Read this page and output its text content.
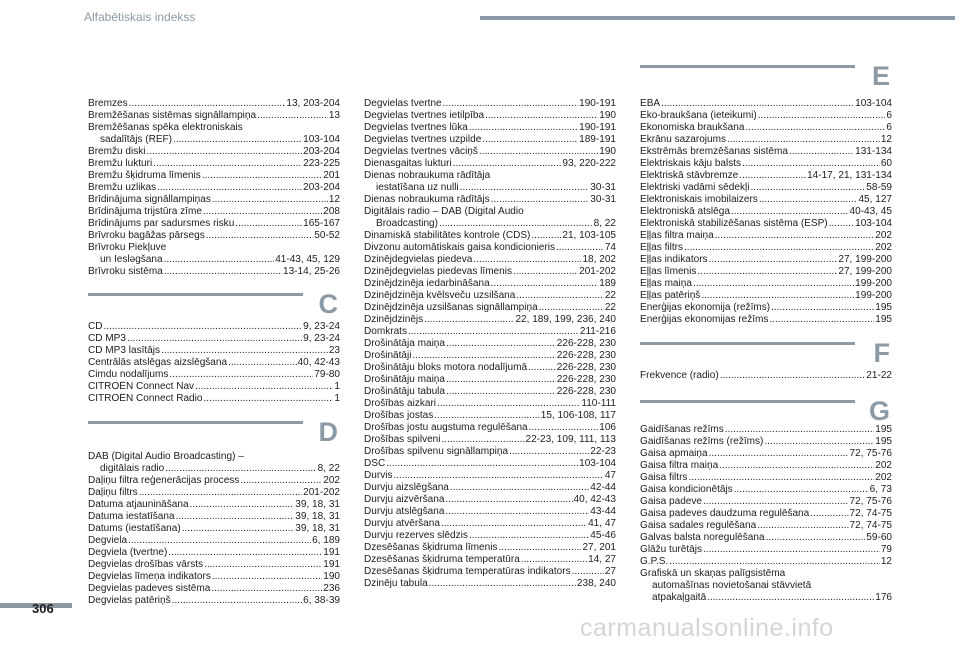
Alfabētiskais indekss
Bremzes .....	13, 203-204
Bremžēšanas sistēmas signāllampiņa .....	13
Bremžēšanas spēka elektroniskais
sadalītājs (REF) .....	103-104
Bremžu diski .....	203-204
Bremžu lukturi .....	223-225
Bremžu šķidruma līmenis .....	201
Bremžu uzlikas .....	203-204
Brīdinājuma signāllampiņas .....	12
Brīdinājuma trijstūra zīme .....	208
Brīdinājums par sadursmes risku .....	165-167
Brīvroku bagāžas pārsegs .....	50-52
Brīvroku Piekļuve
un Iesləgšana .....	41-43, 45, 129
Brīvroku sistēma .....	13-14, 25-26
C
CD .....	9, 23-24
CD MP3 .....	9, 23-24
CD MP3 lasītājs .....	23
Centrālās atslēgas aizslēgšana .....	40, 42-43
Cimdu nodalījums .....	79-80
CITROËN Connect Nav .....	1
CITROËN Connect Radio .....	1
D
DAB (Digital Audio Broadcasting) –
digitālais radio .....	8, 22
Daļiņu filtra reģenerācijas process .....	202
Daļiņu filtrs .....	201-202
Datuma atjaunināšana .....	39, 18, 31
Datuma iestatīšana .....	39, 18, 31
Datums (iestatīšana) .....	39, 18, 31
Degviela .....	6, 189
Degviela (tvertne) .....	191
Degvielas drošības vārsts .....	191
Degvielas līmeņa indikators .....	190
Degvielas padeves sistēma .....	236
Degvielas patēriņš .....	6, 38-39
Degvielas tvertne .....	190-191
Degvielas tvertnes ietilpība .....	190
Degvielas tvertnes lūka .....	190-191
Degvielas tvertnes uzpilde .....	189-191
Degvielas tvertnes vāciņš .....	190
Dienasgaitas lukturi .....	93, 220-222
Dienas nobraukuma rādītāja
iestatīšana uz nulli .....	30-31
Dienas nobraukuma rādītājs .....	30-31
Digitālais radio – DAB (Digital Audio
Broadcasting) .....	8, 22
Dinamiskā stabilitātes kontrole (CDS) .....	21, 103-105
Divzonu automātiskais gaisa kondicionieris .....	74
Dzinējdegvielas piedeva .....	18, 202
Dzinējdegvielas piedevas līmenis .....	201-202
Dzinējdzinēja iedarbināšana .....	189
Dzinējdzinēja kvēlsveču uzsilšana .....	22
Dzinējdzinēja uzsilšanas signāllampiņa .....	22
Dzinējdzinējs .....	22, 189, 199, 236, 240
Domkrats .....	211-216
Drošinātāja maiņa .....	226-228, 230
Drošinātāji .....	226-228, 230
Drošinātāju bloks motora nodalījumā .....	226-228, 230
Drošinātāju maiņa .....	226-228, 230
Drošinātāju tabula .....	226-228, 230
Drošības aizkari .....	110-111
Drošības jostas .....	15, 106-108, 117
Drošības jostu augstuma regulēšana .....	106
Drošības spilveni .....	22-23, 109, 111, 113
Drošības spilvenu signāllampiņa .....	22-23
DSC .....	103-104
Durvis .....	47
Durvju aizslēgšana .....	42-44
Durvju aizvēršana .....	40, 42-43
Durvju atslēgšana .....	43-44
Durvju atvēršana .....	41, 47
Durvju rezerves slēdzis .....	45-46
Dzesēšanas šķidruma līmenis .....	27, 201
Dzesēšanas šķidruma temperatūra .....	14, 27
Dzesēšanas šķidruma temperatūras indikators .....	27
Dzinēju tabula .....	238, 240
E
EBA .....	103-104
Eko-braukšana (ieteikumi) .....	6
Ekonomiska braukšana .....	6
Ekrānu sazarojums .....	12
Ekstrēmās bremzēšanas sistēma .....	131-134
Elektriskais kāju balsts .....	60
Elektriskā stāvbremze .....	14-17, 21, 131-134
Elektriski vadāmi sēdekļi .....	58-59
Elektroniskais imobilaizers .....	45, 127
Elektroniskā atslēga .....	40-43, 45
Elektroniskā stabilizēšanas sistēma (ESP) .....	103-104
Eļļas filtra maiņa .....	202
Eļļas filtrs .....	202
Eļļas indikators .....	27, 199-200
Eļļas līmenis .....	27, 199-200
Eļļas maiņa .....	199-200
Eļļas patēriņš .....	199-200
Enerģijas ekonomija (režīms) .....	195
Enerģijas ekonomijas režīms .....	195
F
Frekvence (radio) .....	21-22
G
Gaidīšanas režīms .....	195
Gaidīšanas režīms (režīms) .....	195
Gaisa apmaiņa .....	72, 75-76
Gaisa filtra maiņa .....	202
Gaisa filtrs .....	202
Gaisa kondicionētājs .....	6, 73
Gaisa padeve .....	72, 75-76
Gaisa padeves daudzuma regulēšana .....	72, 74-75
Gaisa sadales regulēšana .....	72, 74-75
Galvas balsta noregulēšana .....	59-60
Glāžu turētājs .....	79
G.P.S. .....	12
Grafiskā un skaņas palīgsistēma
automašīnas novietošanai stāvvietā
atpakaļgaitā .....	176
306
carmanualsonline.info
